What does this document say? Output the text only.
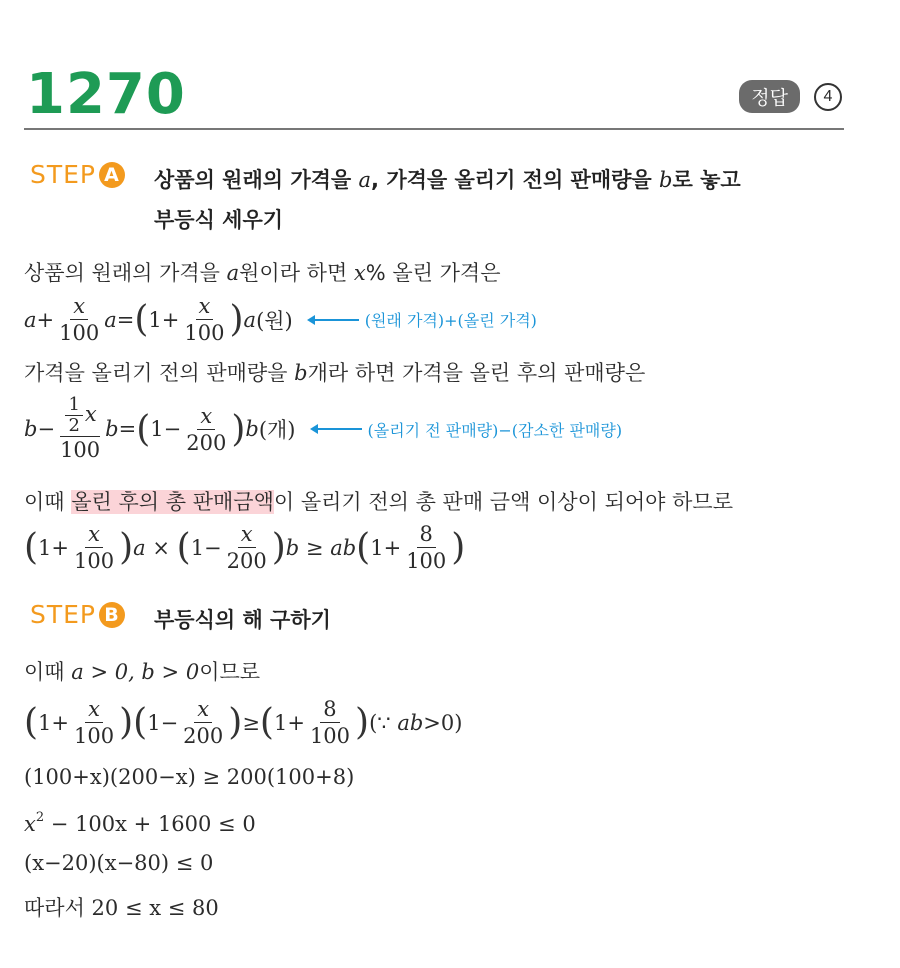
1270	정답	4
STEP A 상품의 원래의 가격을 a, 가격을 올리기 전의 판매량을 b로 놓고
부등식 세우기
상품의 원래의 가격을 a원이라 하면 x% 올린 가격은
$a + \frac{x}{100}$ a = ( $1+ \frac{x}{100}$ ) a (원)	(원래 가격)+(올린 가격)
가격을 올리기 전의 판매량을 b개라 하면 가격을 올린 후의 판매량은
$b - \frac{\frac{1}{2} x}{100}$ b = ( $1- \frac{x}{200}$ ) b (개)	(올리기 전 판매량)−(감소한 판매량)
이때 올린 후의 총 판매금액이 올리기 전의 총 판매 금액 이상이 되어야 하므로
( $1+ \frac{x}{100}$ ) a × ( $1- \frac{x}{200}$ ) b ≥ ab ( $1+ \frac{8}{100}$ )
STEP B 부등식의 해 구하기
이때 a > 0, b > 0이므로
( $1+ \frac{x}{100}$ ) ( $1- \frac{x}{200}$ ) ≥ ( $1+ \frac{8}{100}$ ) (∵ ab >0)
(100+x)(200−x) ≥ 200(100+8)
$x^2 - 100x + 1600 \le 0$
(x−20)(x−80) ≤ 0
따라서 20 ≤ x ≤ 80
